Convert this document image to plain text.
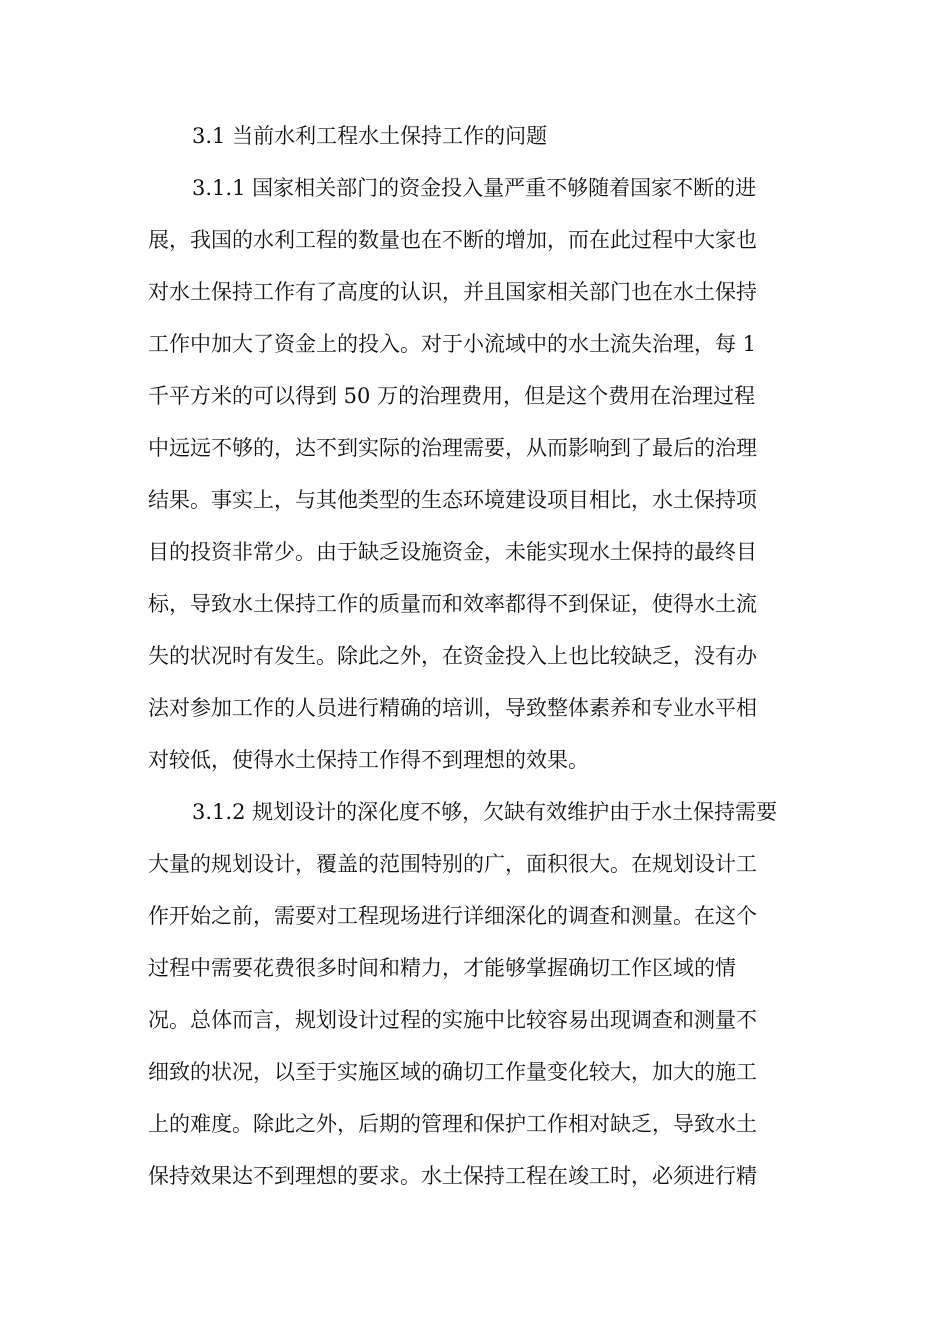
3.1 当前水利工程水土保持工作的问题
3.1.1 国家相关部门的资金投入量严重不够随着国家不断的进
展，我国的水利工程的数量也在不断的增加，而在此过程中大家也
对水土保持工作有了高度的认识，并且国家相关部门也在水土保持
工作中加大了资金上的投入。对于小流域中的水土流失治理，每 1
千平方米的可以得到 50 万的治理费用，但是这个费用在治理过程
中远远不够的，达不到实际的治理需要，从而影响到了最后的治理
结果。事实上，与其他类型的生态环境建设项目相比，水土保持项
目的投资非常少。由于缺乏设施资金，未能实现水土保持的最终目
标，导致水土保持工作的质量而和效率都得不到保证，使得水土流
失的状况时有发生。除此之外，在资金投入上也比较缺乏，没有办
法对参加工作的人员进行精确的培训，导致整体素养和专业水平相
对较低，使得水土保持工作得不到理想的效果。
3.1.2 规划设计的深化度不够，欠缺有效维护由于水土保持需要
大量的规划设计，覆盖的范围特别的广，面积很大。在规划设计工
作开始之前，需要对工程现场进行详细深化的调查和测量。在这个
过程中需要花费很多时间和精力，才能够掌握确切工作区域的情
况。总体而言，规划设计过程的实施中比较容易出现调查和测量不
细致的状况，以至于实施区域的确切工作量变化较大，加大的施工
上的难度。除此之外，后期的管理和保护工作相对缺乏，导致水土
保持效果达不到理想的要求。水土保持工程在竣工时，必须进行精
